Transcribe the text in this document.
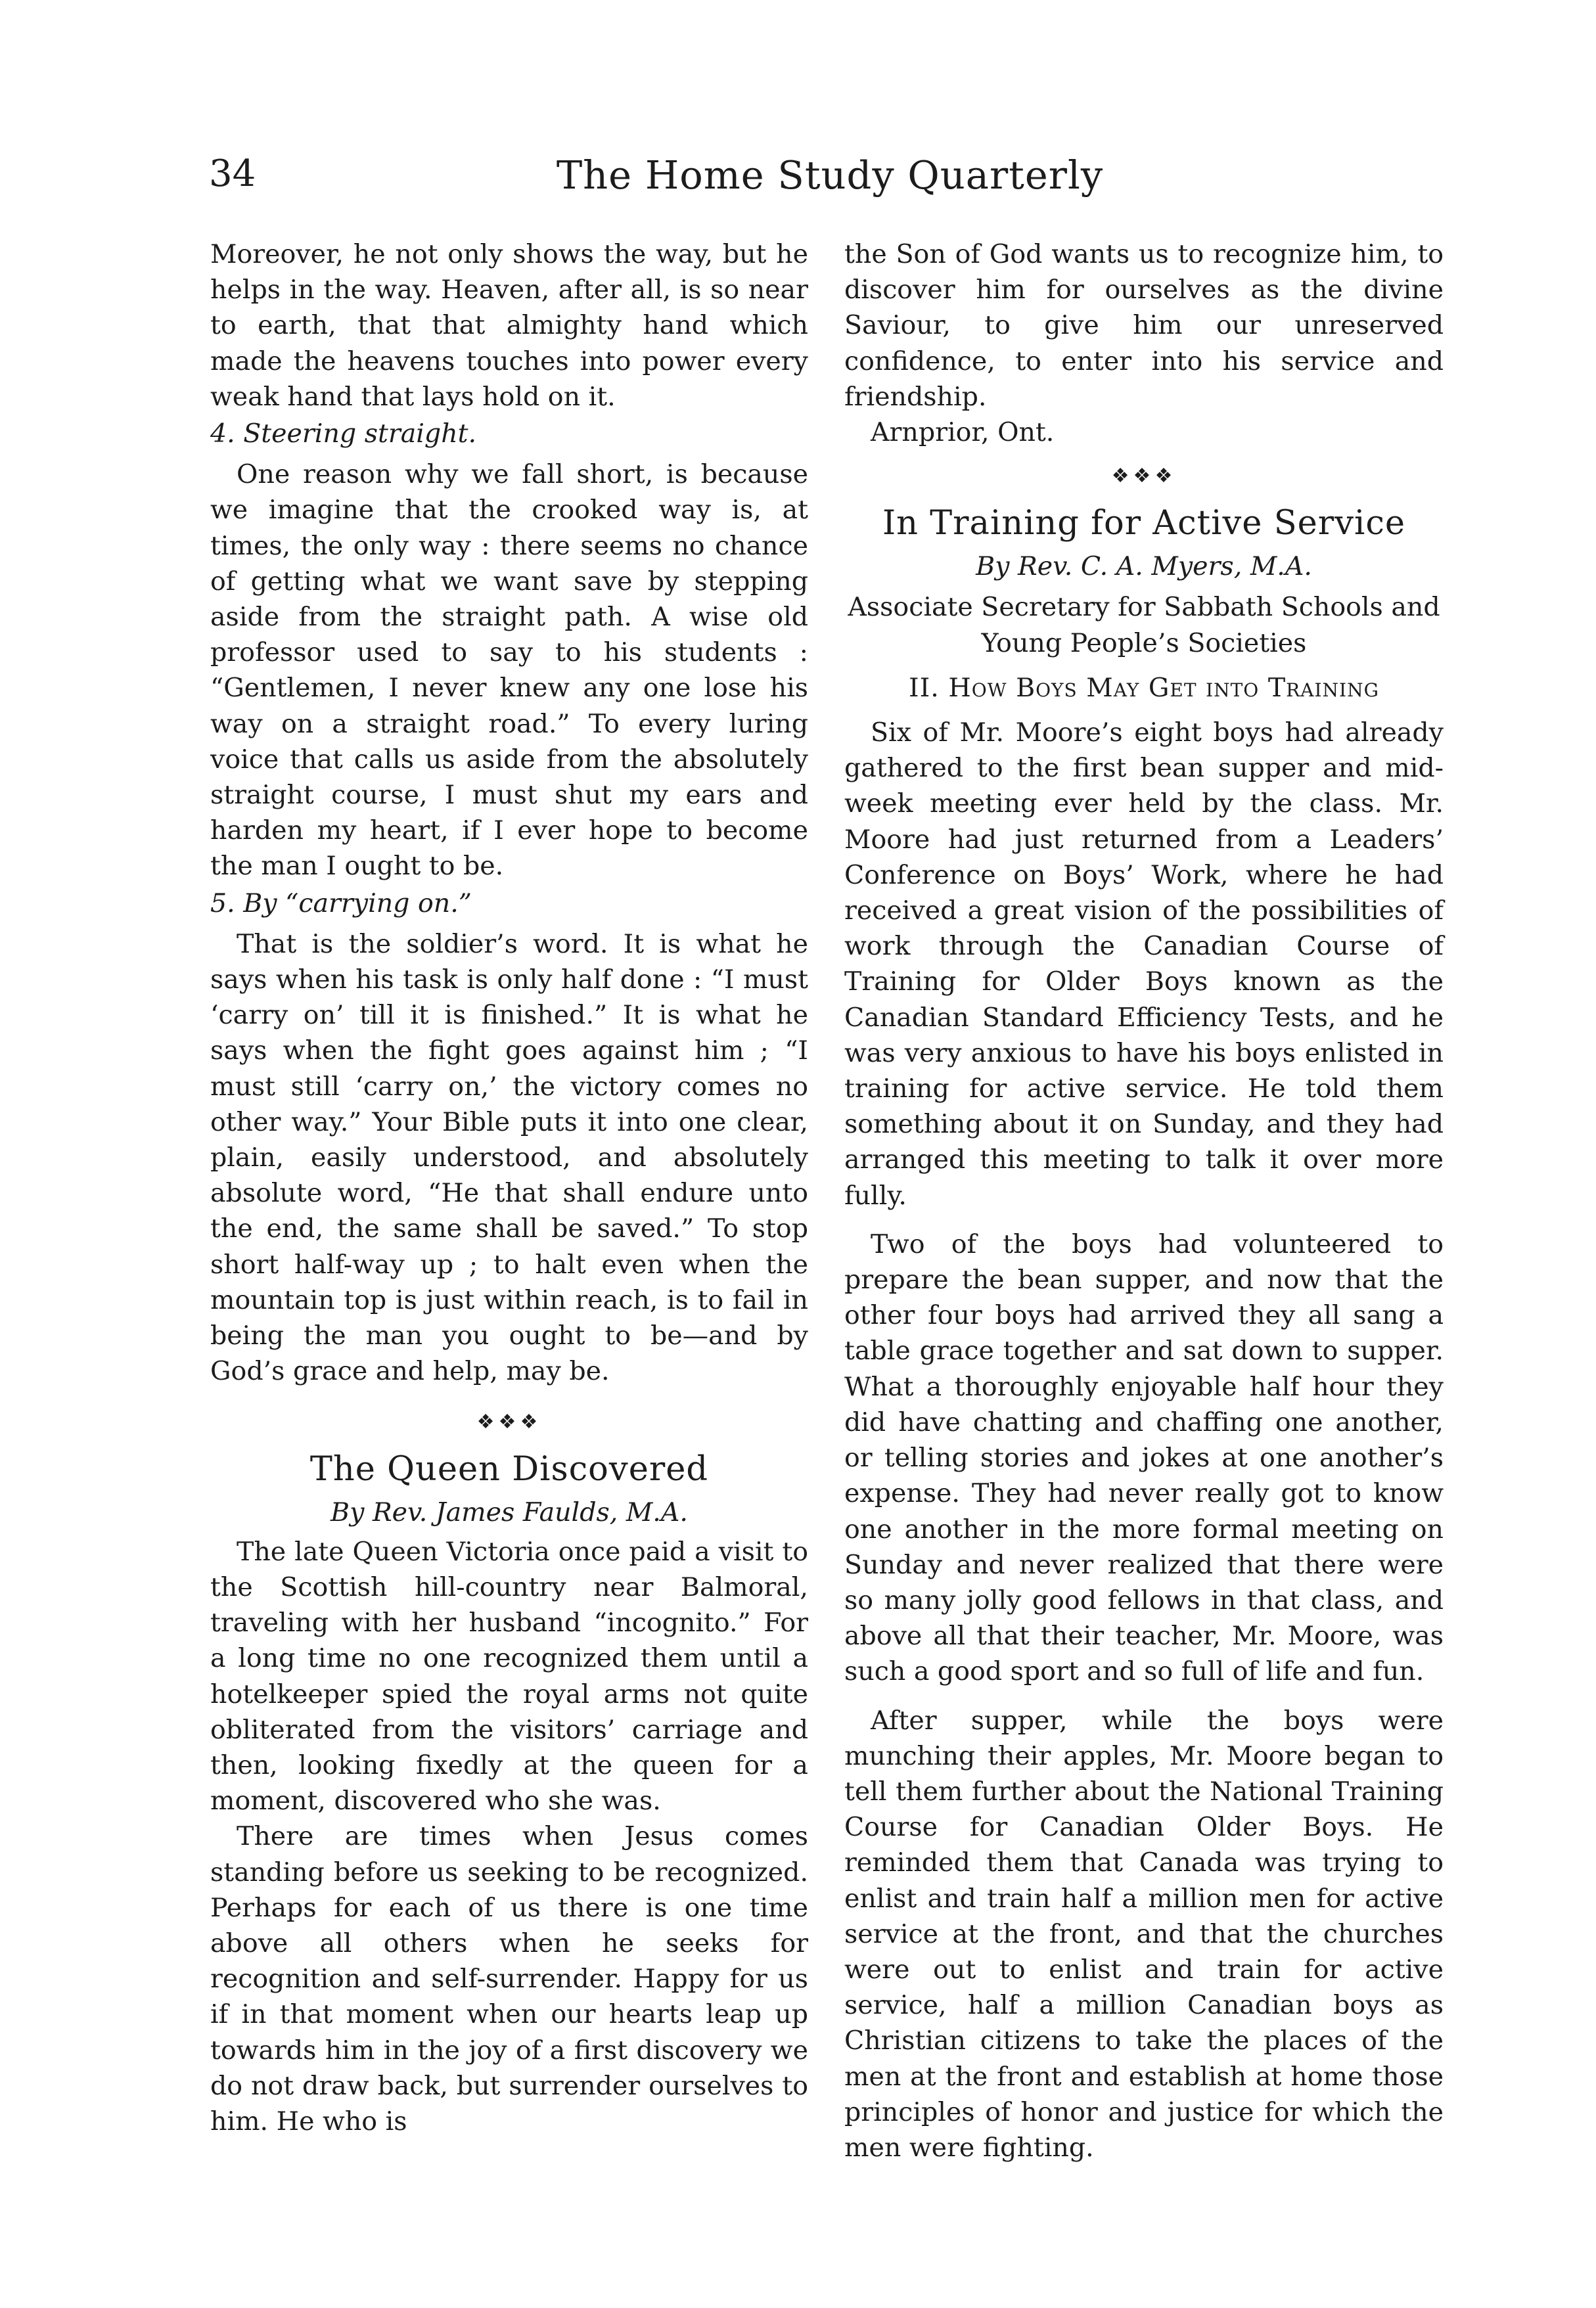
34	The Home Study Quarterly

Moreover, he not only shows the way, but he helps in the way. Heaven, after all, is so near to earth, that that almighty hand which made the heavens touches into power every weak hand that lays hold on it.

4. Steering straight.

One reason why we fall short, is because we imagine that the crooked way is, at times, the only way : there seems no chance of getting what we want save by stepping aside from the straight path. A wise old professor used to say to his students : “Gentlemen, I never knew any one lose his way on a straight road.” To every luring voice that calls us aside from the absolutely straight course, I must shut my ears and harden my heart, if I ever hope to become the man I ought to be.

5. By “carrying on.”

That is the soldier’s word. It is what he says when his task is only half done : “I must ‘carry on’ till it is finished.” It is what he says when the fight goes against him ; “I must still ‘carry on,’ the victory comes no other way.” Your Bible puts it into one clear, plain, easily understood, and absolutely absolute word, “He that shall endure unto the end, the same shall be saved.” To stop short half-way up ; to halt even when the mountain top is just within reach, is to fail in being the man you ought to be—and by God’s grace and help, may be.

❖❖❖
The Queen Discovered
By Rev. James Faulds, M.A.

The late Queen Victoria once paid a visit to the Scottish hill-country near Balmoral, traveling with her husband “incognito.” For a long time no one recognized them until a hotelkeeper spied the royal arms not quite obliterated from the visitors’ carriage and then, looking fixedly at the queen for a moment, discovered who she was.

There are times when Jesus comes standing before us seeking to be recognized. Perhaps for each of us there is one time above all others when he seeks for recognition and self-surrender. Happy for us if in that moment when our hearts leap up towards him in the joy of a first discovery we do not draw back, but surrender ourselves to him. He who is

the Son of God wants us to recognize him, to discover him for ourselves as the divine Saviour, to give him our unreserved confidence, to enter into his service and friendship.

Arnprior, Ont.

❖❖❖
In Training for Active Service
By Rev. C. A. Myers, M.A.
Associate Secretary for Sabbath Schools and Young People’s Societies
II. How Boys May Get into Training

Six of Mr. Moore’s eight boys had already gathered to the first bean supper and mid-week meeting ever held by the class. Mr. Moore had just returned from a Leaders’ Conference on Boys’ Work, where he had received a great vision of the possibilities of work through the Canadian Course of Training for Older Boys known as the Canadian Standard Efficiency Tests, and he was very anxious to have his boys enlisted in training for active service. He told them something about it on Sunday, and they had arranged this meeting to talk it over more fully.

Two of the boys had volunteered to prepare the bean supper, and now that the other four boys had arrived they all sang a table grace together and sat down to supper. What a thoroughly enjoyable half hour they did have chatting and chaffing one another, or telling stories and jokes at one another’s expense. They had never really got to know one another in the more formal meeting on Sunday and never realized that there were so many jolly good fellows in that class, and above all that their teacher, Mr. Moore, was such a good sport and so full of life and fun.

After supper, while the boys were munching their apples, Mr. Moore began to tell them further about the National Training Course for Canadian Older Boys. He reminded them that Canada was trying to enlist and train half a million men for active service at the front, and that the churches were out to enlist and train for active service, half a million Canadian boys as Christian citizens to take the places of the men at the front and establish at home those principles of honor and justice for which the men were fighting.
